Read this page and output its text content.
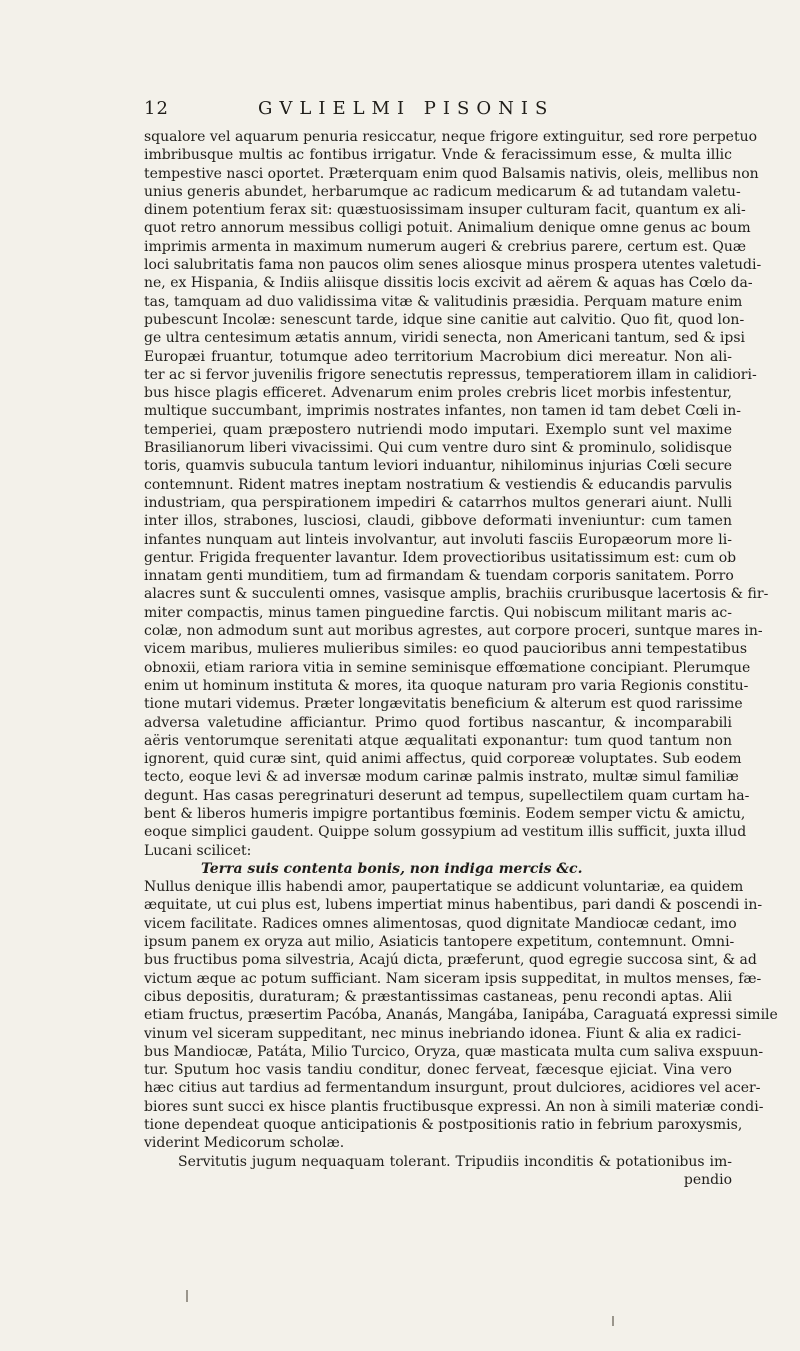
12	GVLIELMI PISONIS
squalore vel aquarum penuria resiccatur, neque frigore extinguitur, sed rore perpetuo
imbribusque multis ac fontibus irrigatur. Vnde & feracissimum esse, & multa illic
tempestive nasci oportet. Præterquam enim quod Balsamis nativis, oleis, mellibus non
unius generis abundet, herbarumque ac radicum medicarum & ad tutandam valetu-
dinem potentium ferax sit: quæstuosissimam insuper culturam facit, quantum ex ali-
quot retro annorum messibus colligi potuit. Animalium denique omne genus ac boum
imprimis armenta in maximum numerum augeri & crebrius parere, certum est. Quæ
loci salubritatis fama non paucos olim senes aliosque minus prospera utentes valetudi-
ne, ex Hispania, & Indiis aliisque dissitis locis excivit ad aërem & aquas has Cœlo da-
tas, tamquam ad duo validissima vitæ & valitudinis præsidia. Perquam mature enim
pubescunt Incolæ: senescunt tarde, idque sine canitie aut calvitio. Quo fit, quod lon-
ge ultra centesimum ætatis annum, viridi senecta, non Americani tantum, sed & ipsi
Europæi fruantur, totumque adeo territorium Macrobium dici mereatur. Non ali-
ter ac si fervor juvenilis frigore senectutis repressus, temperatiorem illam in calidiori-
bus hisce plagis efficeret. Advenarum enim proles crebris licet morbis infestentur,
multique succumbant, imprimis nostrates infantes, non tamen id tam debet Cœli in-
temperiei, quam præpostero nutriendi modo imputari. Exemplo sunt vel maxime
Brasilianorum liberi vivacissimi. Qui cum ventre duro sint & prominulo, solidisque
toris, quamvis subucula tantum leviori induantur, nihilominus injurias Cœli secure
contemnunt. Rident matres ineptam nostratium & vestiendis & educandis parvulis
industriam, qua perspirationem impediri & catarrhos multos generari aiunt. Nulli
inter illos, strabones, lusciosi, claudi, gibbove deformati inveniuntur: cum tamen
infantes nunquam aut linteis involvantur, aut involuti fasciis Europæorum more li-
gentur. Frigida frequenter lavantur. Idem provectioribus usitatissimum est: cum ob
innatam genti munditiem, tum ad firmandam & tuendam corporis sanitatem. Porro
alacres sunt & succulenti omnes, vasisque amplis, brachiis cruribusque lacertosis & fir-
miter compactis, minus tamen pinguedine farctis. Qui nobiscum militant maris ac-
colæ, non admodum sunt aut moribus agrestes, aut corpore proceri, suntque mares in-
vicem maribus, mulieres mulieribus similes: eo quod paucioribus anni tempestatibus
obnoxii, etiam rariora vitia in semine seminisque effœmatione concipiant. Plerumque
enim ut hominum instituta & mores, ita quoque naturam pro varia Regionis constitu-
tione mutari videmus. Præter longævitatis beneficium & alterum est quod rarissime
adversa valetudine afficiantur. Primo quod fortibus nascantur, & incomparabili
aëris ventorumque serenitati atque æqualitati exponantur: tum quod tantum non
ignorent, quid curæ sint, quid animi affectus, quid corporeæ voluptates. Sub eodem
tecto, eoque levi & ad inversæ modum carinæ palmis instrato, multæ simul familiæ
degunt. Has casas peregrinaturi deserunt ad tempus, supellectilem quam curtam ha-
bent & liberos humeris impigre portantibus fœminis. Eodem semper victu & amictu,
eoque simplici gaudent. Quippe solum gossypium ad vestitum illis sufficit, juxta illud
Lucani scilicet:
Terra suis contenta bonis, non indiga mercis &c.
Nullus denique illis habendi amor, paupertatique se addicunt voluntariæ, ea quidem
æquitate, ut cui plus est, lubens impertiat minus habentibus, pari dandi & poscendi in-
vicem facilitate. Radices omnes alimentosas, quod dignitate Mandiocæ cedant, imo
ipsum panem ex oryza aut milio, Asiaticis tantopere expetitum, contemnunt. Omni-
bus fructibus poma silvestria, Acajú dicta, præferunt, quod egregie succosa sint, & ad
victum æque ac potum sufficiant. Nam siceram ipsis suppeditat, in multos menses, fæ-
cibus depositis, duraturam; & præstantissimas castaneas, penu recondi aptas. Alii
etiam fructus, præsertim Pacóba, Ananás, Mangába, Ianipába, Caraguatá expressi simile
vinum vel siceram suppeditant, nec minus inebriando idonea. Fiunt & alia ex radici-
bus Mandiocæ, Patáta, Milio Turcico, Oryza, quæ masticata multa cum saliva exspuun-
tur. Sputum hoc vasis tandiu conditur, donec ferveat, fæcesque ejiciat. Vina vero
hæc citius aut tardius ad fermentandum insurgunt, prout dulciores, acidiores vel acer-
biores sunt succi ex hisce plantis fructibusque expressi. An non à simili materiæ condi-
tione dependeat quoque anticipationis & postpositionis ratio in febrium paroxysmis,
viderint Medicorum scholæ.
Servitutis jugum nequaquam tolerant. Tripudiis inconditis & potationibus im-
pendio
